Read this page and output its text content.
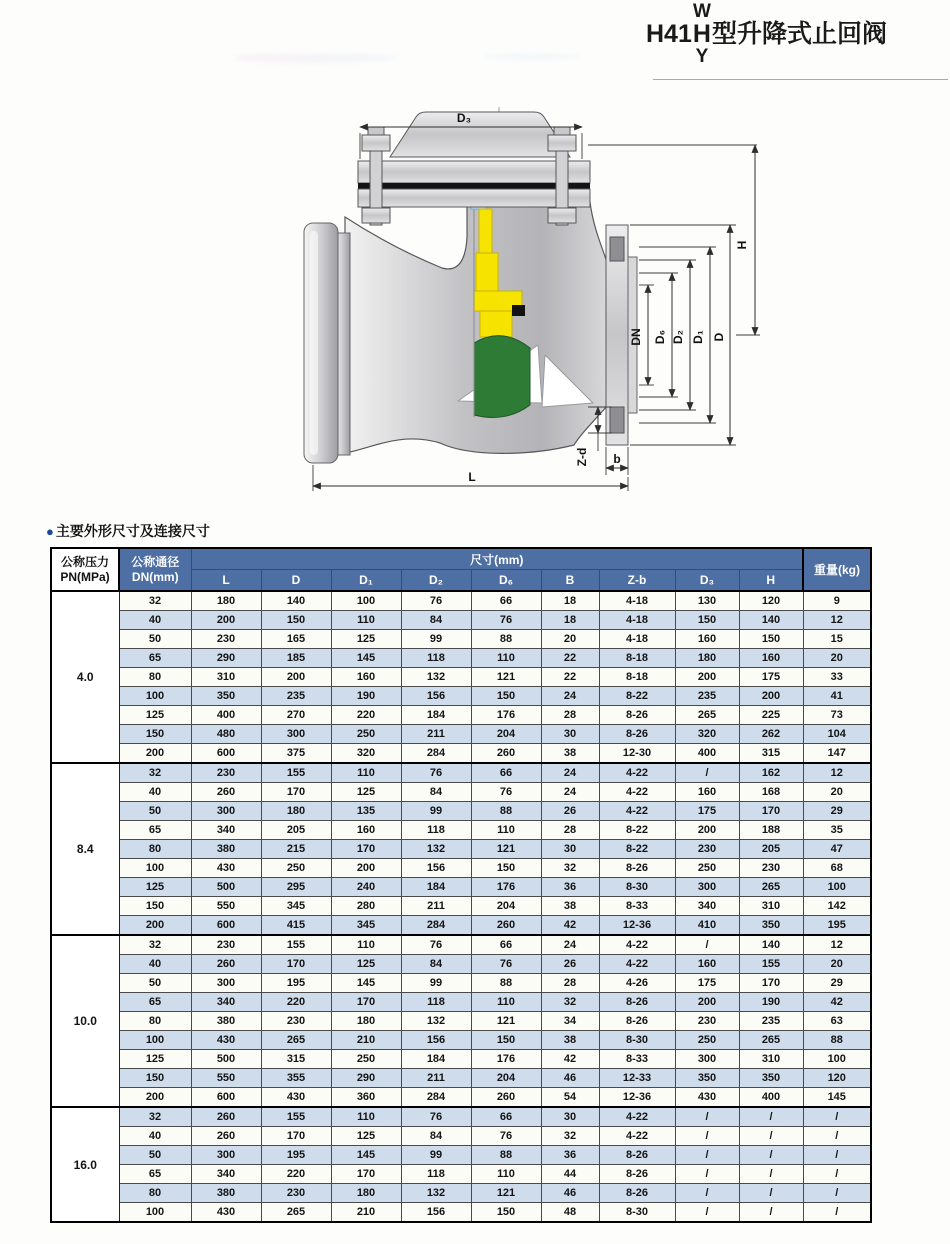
H41
W
H
Y
型升降式止回阀
D₃
H
D
D₁
D₂
D₆
DN
Z-d b
L
● 主要外形尺寸及连接尺寸
公称压力
PN(MPa)	公称通径
DN(mm)	尺寸(mm)									重量(kg)
		L	D	D₁	D₂	D₆	B	Z-b	D₃	H	
4.0	32	180	140	100	76	66	18	4-18	130	120	9
	40	200	150	110	84	76	18	4-18	150	140	12
	50	230	165	125	99	88	20	4-18	160	150	15
	65	290	185	145	118	110	22	8-18	180	160	20
	80	310	200	160	132	121	22	8-18	200	175	33
	100	350	235	190	156	150	24	8-22	235	200	41
	125	400	270	220	184	176	28	8-26	265	225	73
	150	480	300	250	211	204	30	8-26	320	262	104
	200	600	375	320	284	260	38	12-30	400	315	147
8.4	32	230	155	110	76	66	24	4-22	/	162	12
	40	260	170	125	84	76	24	4-22	160	168	20
	50	300	180	135	99	88	26	4-22	175	170	29
	65	340	205	160	118	110	28	8-22	200	188	35
	80	380	215	170	132	121	30	8-22	230	205	47
	100	430	250	200	156	150	32	8-26	250	230	68
	125	500	295	240	184	176	36	8-30	300	265	100
	150	550	345	280	211	204	38	8-33	340	310	142
	200	600	415	345	284	260	42	12-36	410	350	195
10.0	32	230	155	110	76	66	24	4-22	/	140	12
	40	260	170	125	84	76	26	4-22	160	155	20
	50	300	195	145	99	88	28	4-26	175	170	29
	65	340	220	170	118	110	32	8-26	200	190	42
	80	380	230	180	132	121	34	8-26	230	235	63
	100	430	265	210	156	150	38	8-30	250	265	88
	125	500	315	250	184	176	42	8-33	300	310	100
	150	550	355	290	211	204	46	12-33	350	350	120
	200	600	430	360	284	260	54	12-36	430	400	145
16.0	32	260	155	110	76	66	30	4-22	/	/	/
	40	260	170	125	84	76	32	4-22	/	/	/
	50	300	195	145	99	88	36	8-26	/	/	/
	65	340	220	170	118	110	44	8-26	/	/	/
	80	380	230	180	132	121	46	8-26	/	/	/
	100	430	265	210	156	150	48	8-30	/	/	/
